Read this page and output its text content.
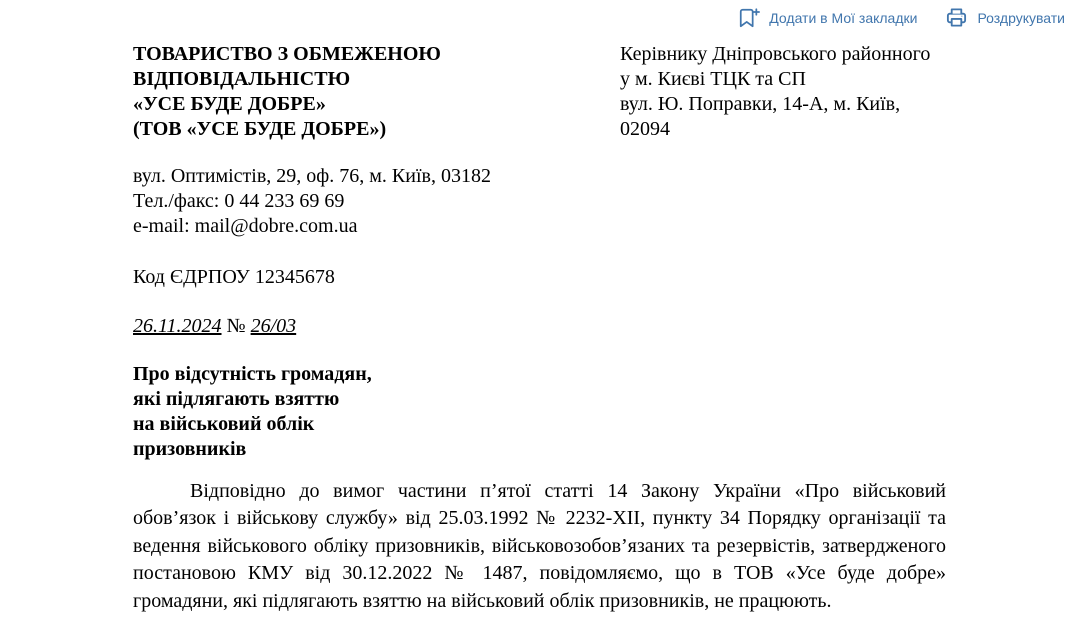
Додати в Мої закладки	Роздрукувати
ТОВАРИСТВО З ОБМЕЖЕНОЮ
ВІДПОВІДАЛЬНІСТЮ
«УСЕ БУДЕ ДОБРЕ»
(ТОВ «УСЕ БУДЕ ДОБРЕ»)
Керівнику Дніпровського районного
у м. Києві ТЦК та СП
вул. Ю. Поправки, 14-А, м. Київ,
02094
вул. Оптимістів, 29, оф. 76, м. Київ, 03182
Тел./факс: 0 44 233 69 69
e-mail: mail@dobre.com.ua
Код ЄДРПОУ 12345678
26.11.2024 № 26/03
Про відсутність громадян,
які підлягають взяттю
на військовий облік
призовників

Відповідно до вимог частини п’ятої статті 14 Закону України «Про військовий обов’язок і військову службу» від 25.03.1992 № 2232-XII, пункту 34 Порядку організації та ведення військового обліку призовників, військовозобов’язаних та резервістів, затвердженого постановою КМУ від 30.12.2022 № 1487, повідомляємо, що в ТОВ «Усе буде добре» громадяни, які підлягають взяттю на військовий облік призовників, не працюють.
